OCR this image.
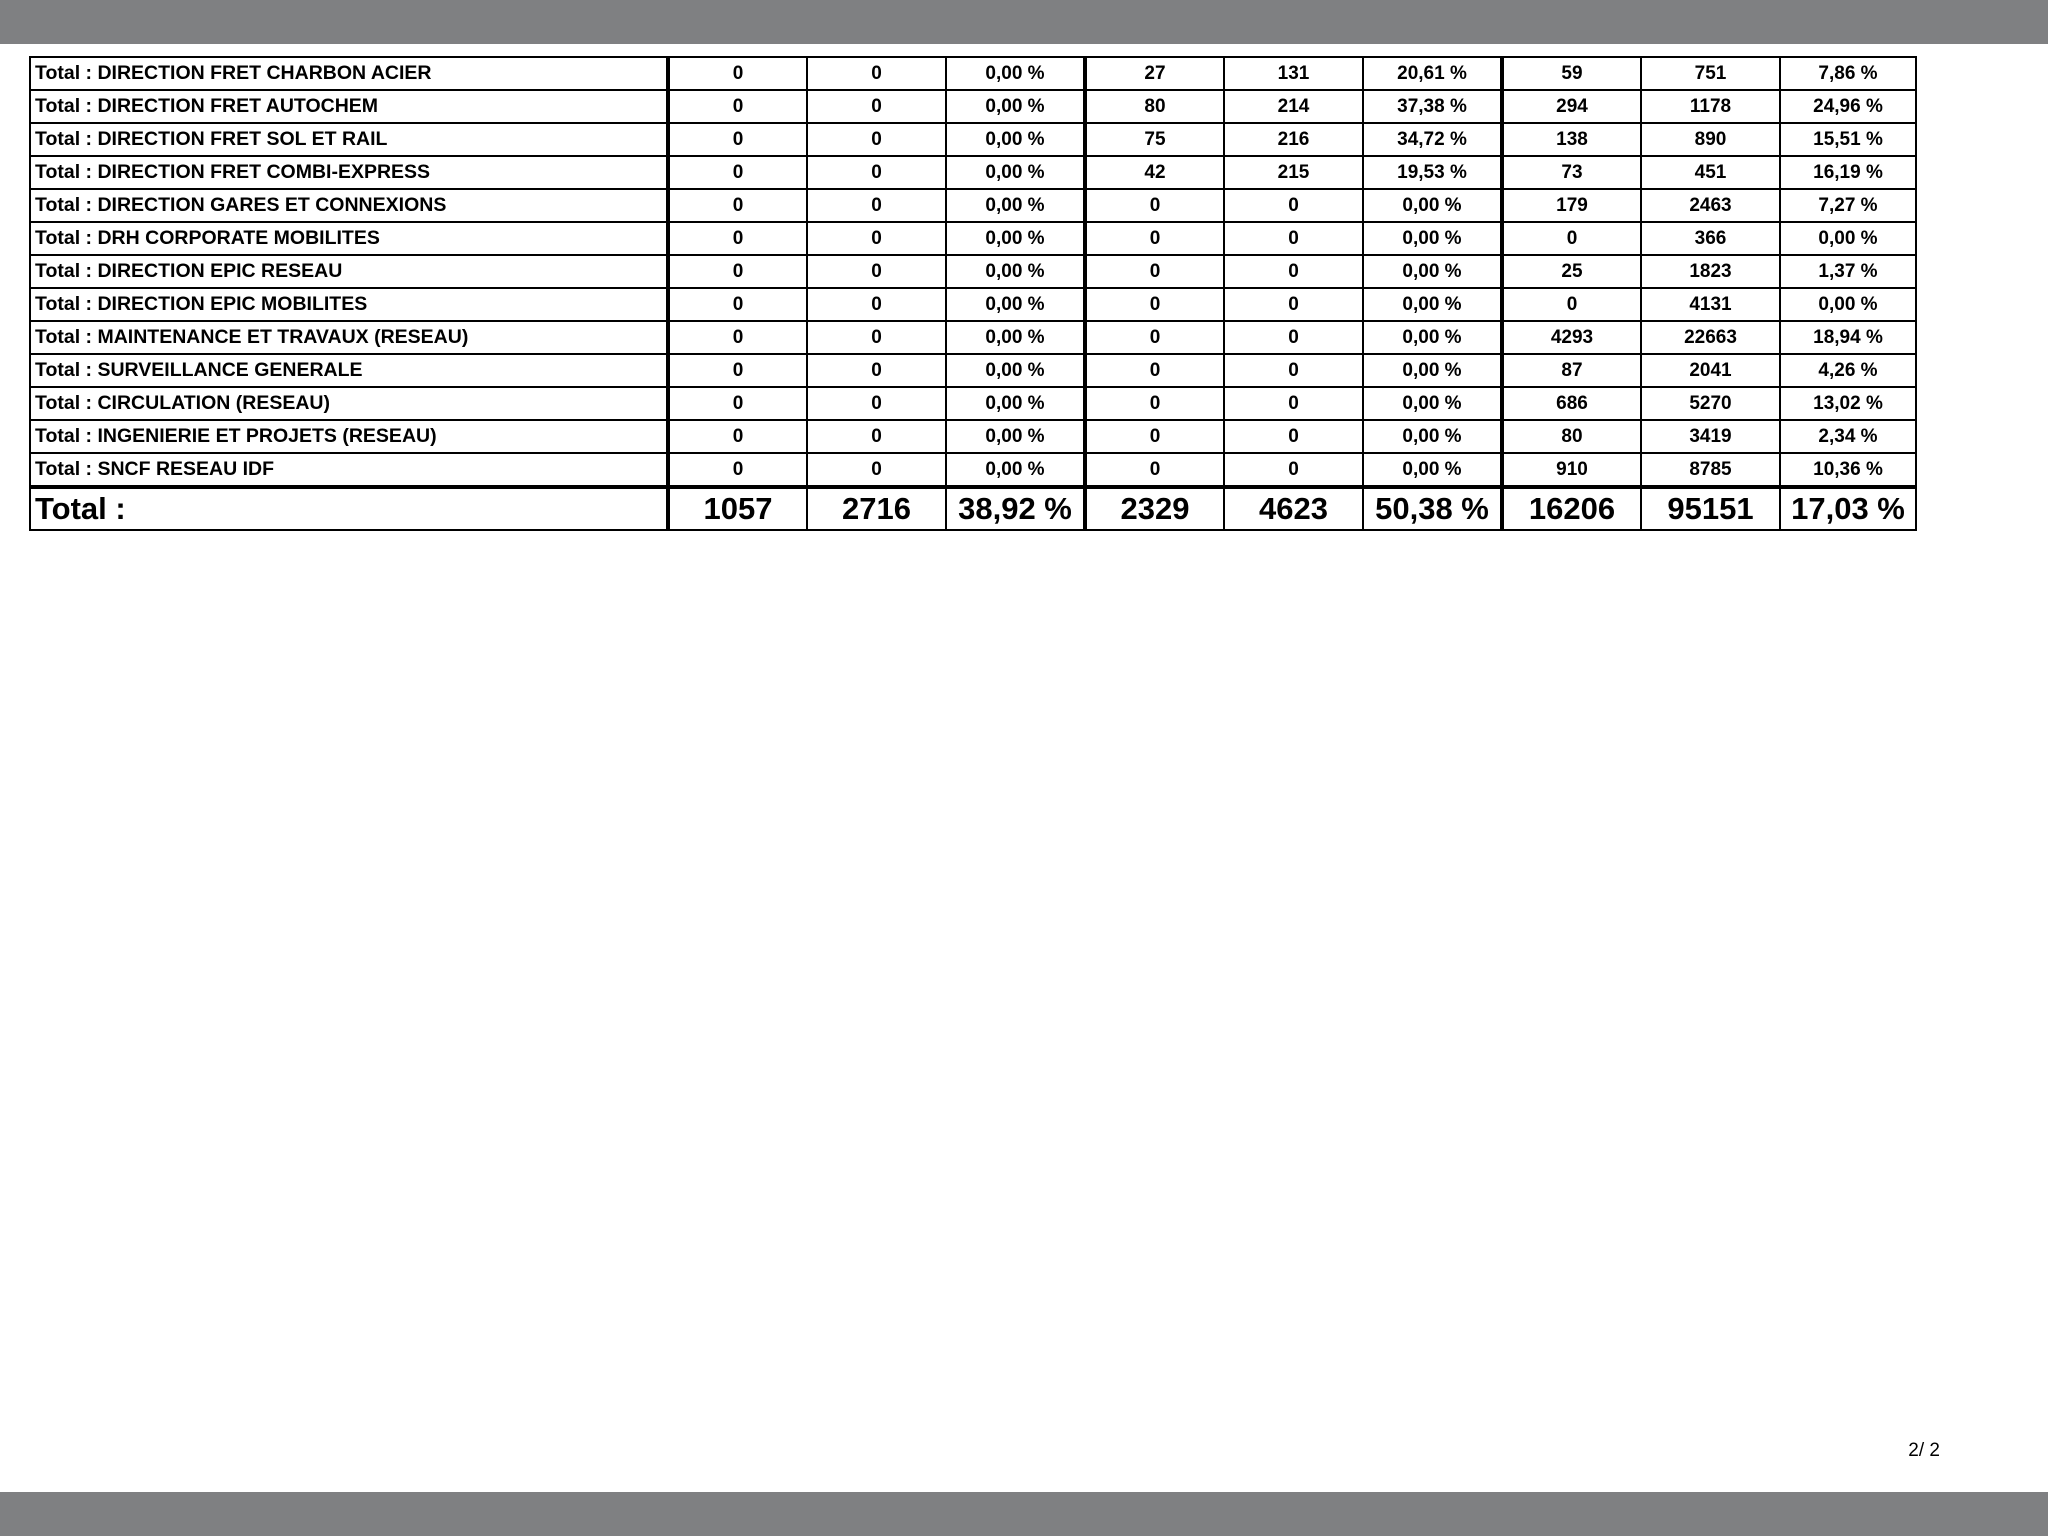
Total : DIRECTION FRET CHARBON ACIER	0	0	0,00 %	27	131	20,61 %	59	751	7,86 %
Total : DIRECTION FRET AUTOCHEM	0	0	0,00 %	80	214	37,38 %	294	1178	24,96 %
Total : DIRECTION FRET SOL ET RAIL	0	0	0,00 %	75	216	34,72 %	138	890	15,51 %
Total : DIRECTION FRET COMBI-EXPRESS	0	0	0,00 %	42	215	19,53 %	73	451	16,19 %
Total : DIRECTION GARES ET CONNEXIONS	0	0	0,00 %	0	0	0,00 %	179	2463	7,27 %
Total : DRH CORPORATE MOBILITES	0	0	0,00 %	0	0	0,00 %	0	366	0,00 %
Total : DIRECTION EPIC RESEAU	0	0	0,00 %	0	0	0,00 %	25	1823	1,37 %
Total : DIRECTION EPIC MOBILITES	0	0	0,00 %	0	0	0,00 %	0	4131	0,00 %
Total : MAINTENANCE ET TRAVAUX (RESEAU)	0	0	0,00 %	0	0	0,00 %	4293	22663	18,94 %
Total : SURVEILLANCE GENERALE	0	0	0,00 %	0	0	0,00 %	87	2041	4,26 %
Total : CIRCULATION (RESEAU)	0	0	0,00 %	0	0	0,00 %	686	5270	13,02 %
Total : INGENIERIE ET PROJETS (RESEAU)	0	0	0,00 %	0	0	0,00 %	80	3419	2,34 %
Total : SNCF RESEAU IDF	0	0	0,00 %	0	0	0,00 %	910	8785	10,36 %
Total :	1057	2716	38,92 %	2329	4623	50,38 %	16206	95151	17,03 %
2/ 2
